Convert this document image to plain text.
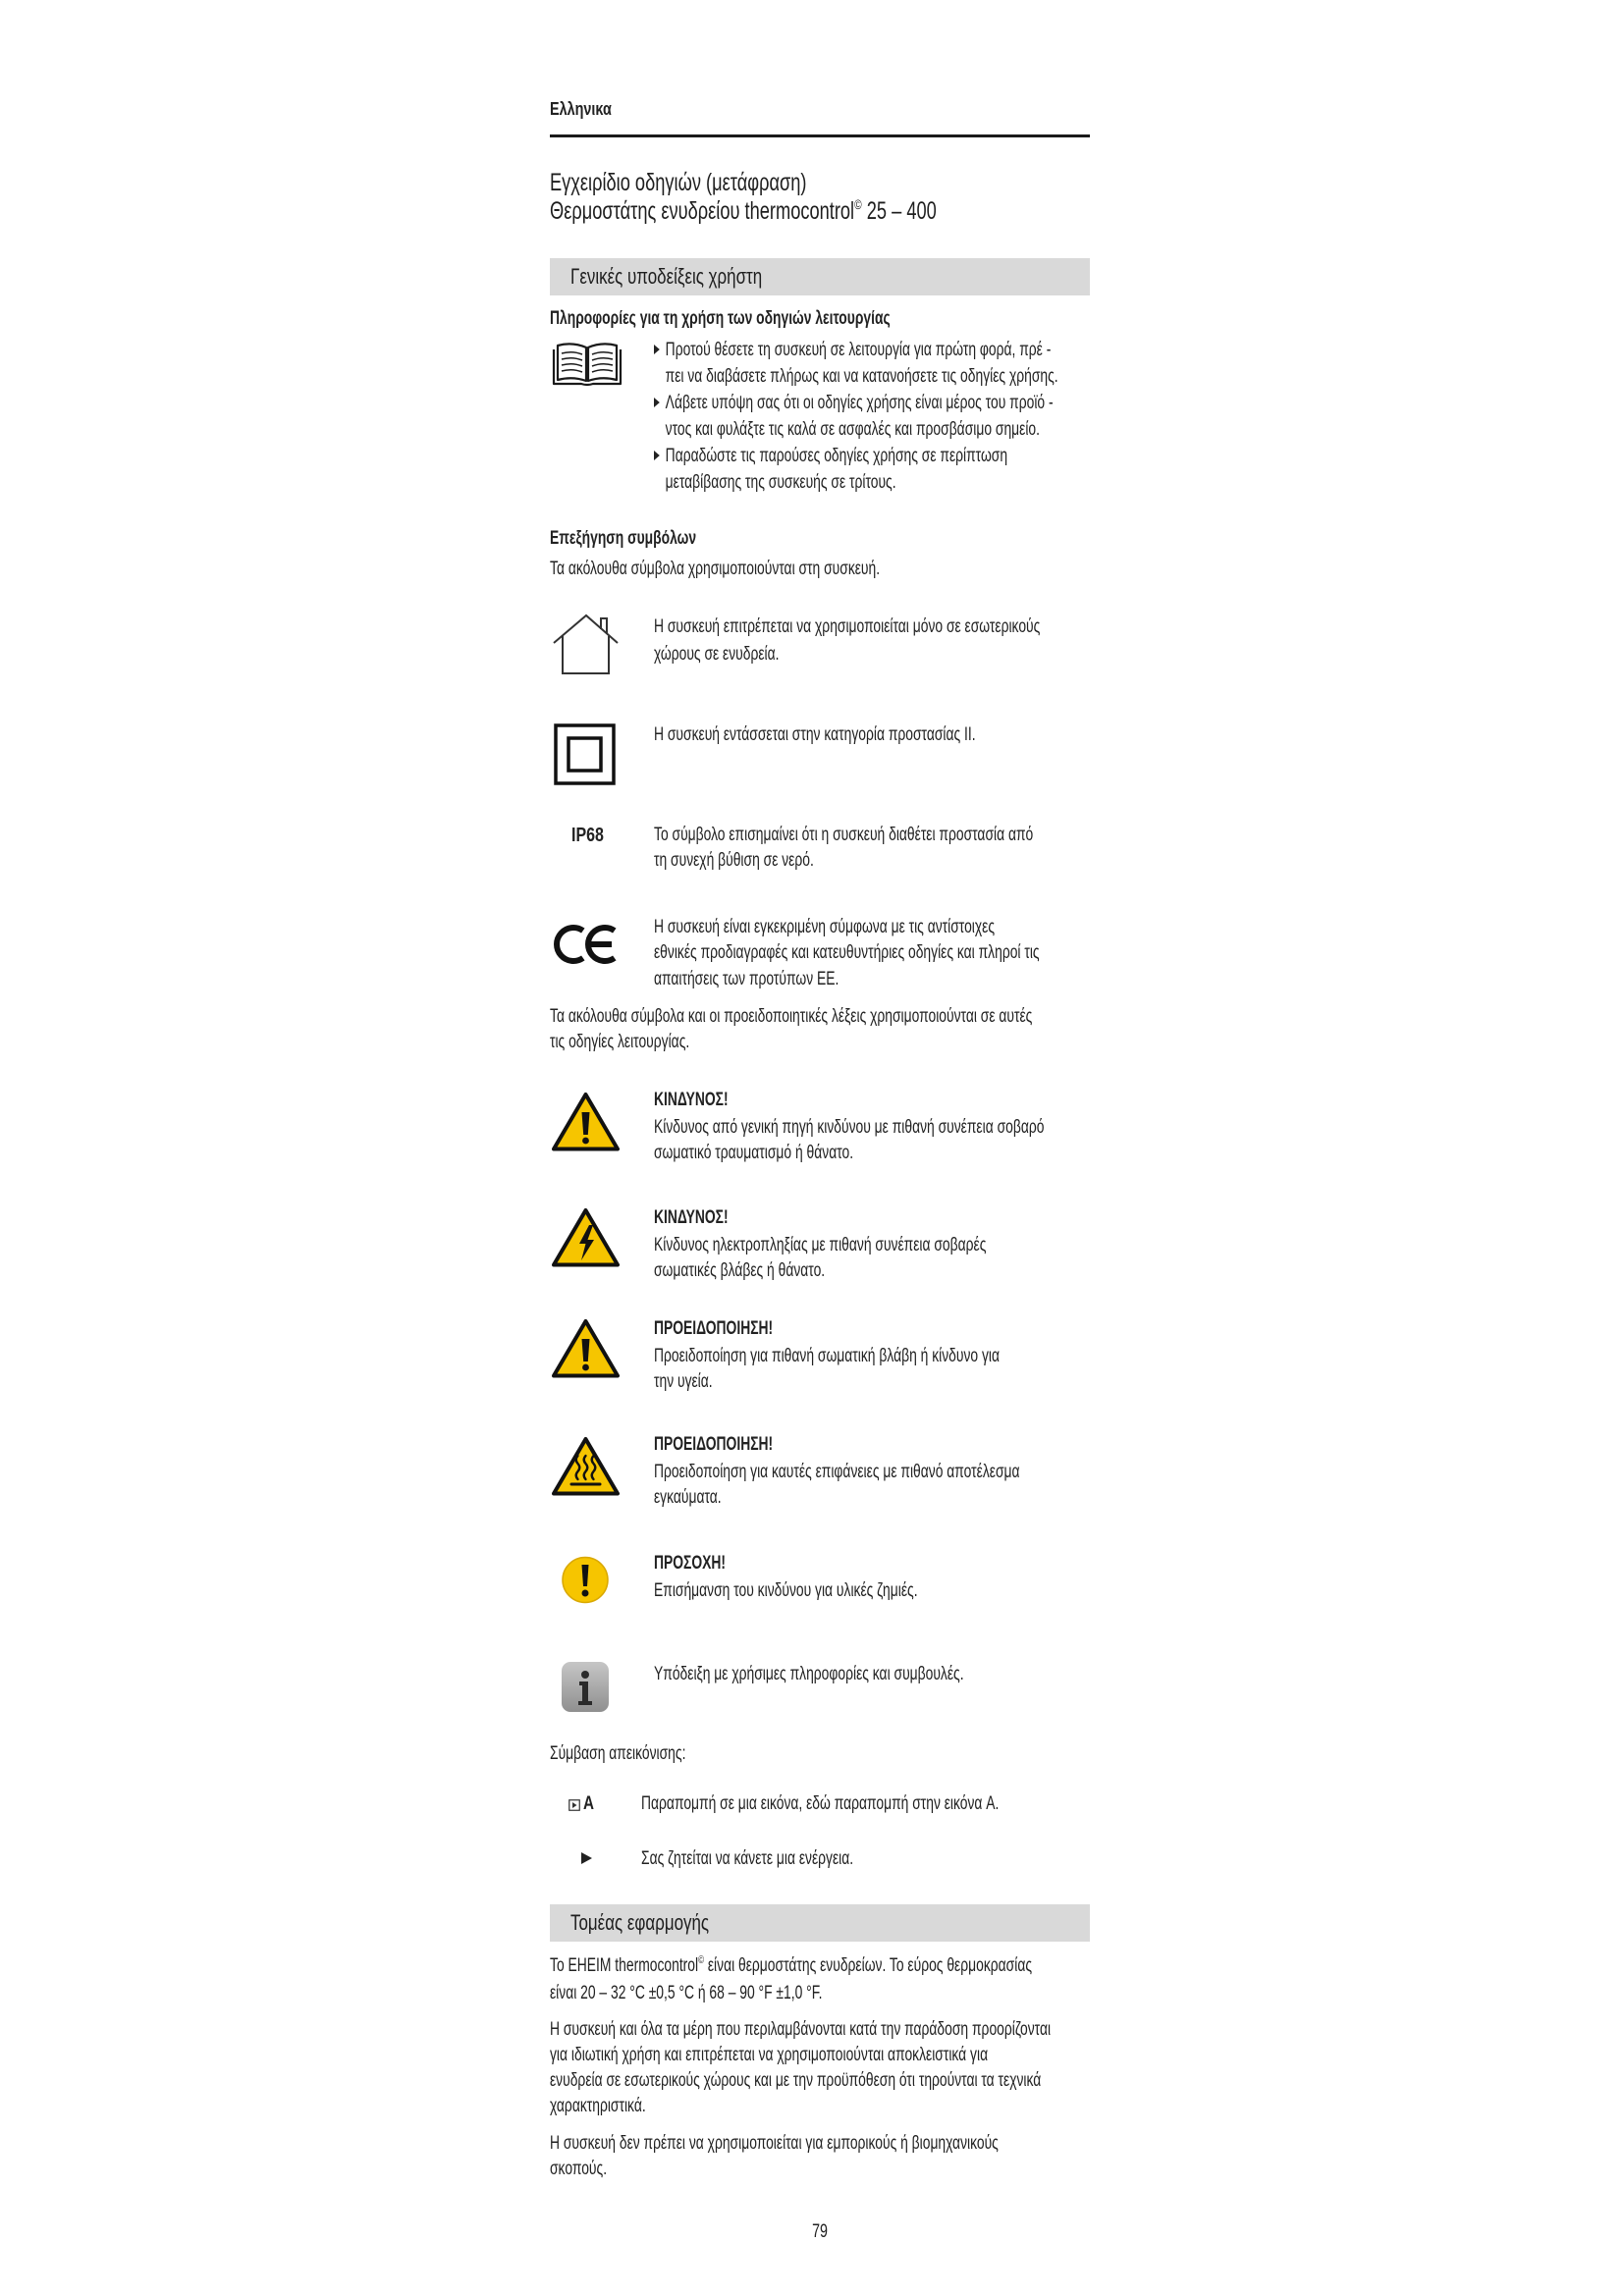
Ελληνικα
Εγχειρίδιο οδηγιών (μετάφραση)
Θερμοστάτης ενυδρείου thermocontrol© 25 – 400
Γενικές υποδείξεις χρήστη
Πληροφορίες για τη χρήση των οδηγιών λειτουργίας
Προτού θέσετε τη συσκευή σε λειτουργία για πρώτη φορά, πρέ -
πει να διαβάσετε πλήρως και να κατανοήσετε τις οδηγίες χρήσης.
Λάβετε υπόψη σας ότι οι οδηγίες χρήσης είναι μέρος του προϊό -
ντος και φυλάξτε τις καλά σε ασφαλές και προσβάσιμο σημείο.
Παραδώστε τις παρούσες οδηγίες χρήσης σε περίπτωση
μεταβίβασης της συσκευής σε τρίτους.
Επεξήγηση συμβόλων
Τα ακόλουθα σύμβολα χρησιμοποιούνται στη συσκευή.
Η συσκευή επιτρέπεται να χρησιμοποιείται μόνο σε εσωτερικούς
χώρους σε ενυδρεία.
Η συσκευή εντάσσεται στην κατηγορία προστασίας II.
IP68	Το σύμβολο επισημαίνει ότι η συσκευή διαθέτει προστασία από
τη συνεχή βύθιση σε νερό.
Η συσκευή είναι εγκεκριμένη σύμφωνα με τις αντίστοιχες
εθνικές προδιαγραφές και κατευθυντήριες οδηγίες και πληροί τις
απαιτήσεις των προτύπων ΕΕ.
Τα ακόλουθα σύμβολα και οι προειδοποιητικές λέξεις χρησιμοποιούνται σε αυτές
τις οδηγίες λειτουργίας.
ΚΙΝΔΥΝΟΣ!
Κίνδυνος από γενική πηγή κινδύνου με πιθανή συνέπεια σοβαρό
σωματικό τραυματισμό ή θάνατο.
ΚΙΝΔΥΝΟΣ!
Κίνδυνος ηλεκτροπληξίας με πιθανή συνέπεια σοβαρές
σωματικές βλάβες ή θάνατο.
ΠΡΟΕΙΔΟΠΟΙΗΣΗ!
Προειδοποίηση για πιθανή σωματική βλάβη ή κίνδυνο για
την υγεία.
ΠΡΟΕΙΔΟΠΟΙΗΣΗ!
Προειδοποίηση για καυτές επιφάνειες με πιθανό αποτέλεσμα
εγκαύματα.
ΠΡΟΣΟΧΗ!
Επισήμανση του κινδύνου για υλικές ζημιές.
Υπόδειξη με χρήσιμες πληροφορίες και συμβουλές.
Σύμβαση απεικόνισης:
A	Παραπομπή σε μια εικόνα, εδώ παραπομπή στην εικόνα A.
Σας ζητείται να κάνετε μια ενέργεια.
Τομέας εφαρμογής
Το EHEIM thermocontrol© είναι θερμοστάτης ενυδρείων. Το εύρος θερμοκρασίας
είναι 20 – 32 °C ±0,5 °C ή 68 – 90 °F ±1,0 °F.
Η συσκευή και όλα τα μέρη που περιλαμβάνονται κατά την παράδοση προορίζονται
για ιδιωτική χρήση και επιτρέπεται να χρησιμοποιούνται αποκλειστικά για
ενυδρεία σε εσωτερικούς χώρους και με την προϋπόθεση ότι τηρούνται τα τεχνικά
χαρακτηριστικά.
Η συσκευή δεν πρέπει να χρησιμοποιείται για εμπορικούς ή βιομηχανικούς
σκοπούς.
79
